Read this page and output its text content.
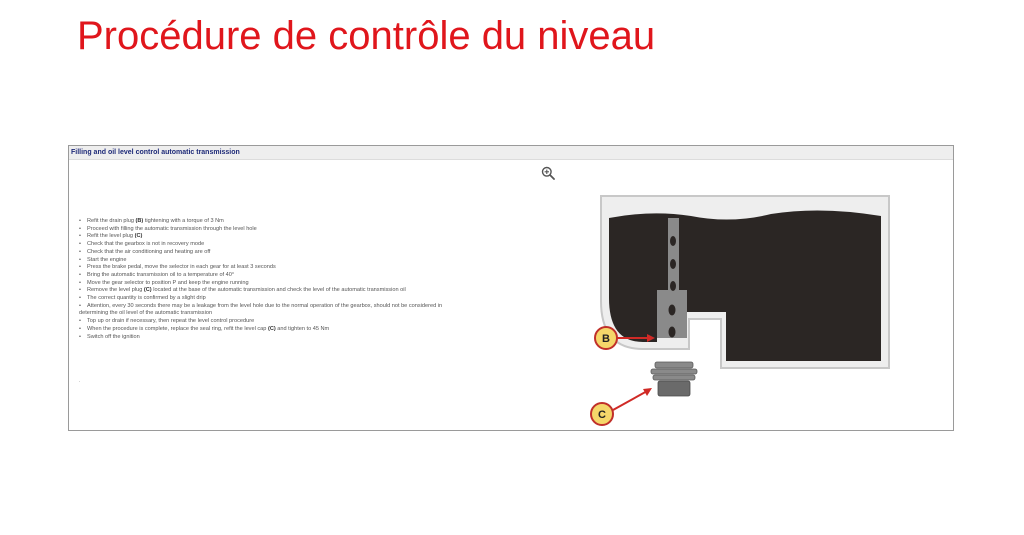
Procédure de contrôle du niveau
Filling and oil level control automatic transmission
• Refit the drain plug (B) tightening with a torque of 3 Nm
• Proceed with filling the automatic transmission through the level hole
• Refit the level plug (C)
• Check that the gearbox is not in recovery mode
• Check that the air conditioning and heating are off
• Start the engine
• Press the brake pedal, move the selector in each gear for at least 3 seconds
• Bring the automatic transmission oil to a temperature of 40°
• Move the gear selector to position P and keep the engine running
• Remove the level plug (C) located at the base of the automatic transmission and check the level of the automatic transmission oil
• The correct quantity is confirmed by a slight drip
• Attention, every 30 seconds there may be a leakage from the level hole due to the normal operation of the gearbox, should not be considered in
determining the oil level of the automatic transmission
• Top up or drain if necessary, then repeat the level control procedure
• When the procedure is complete, replace the seal ring, refit the level cap (C) and tighten to 45 Nm
• Switch off the ignition
.
B
C
